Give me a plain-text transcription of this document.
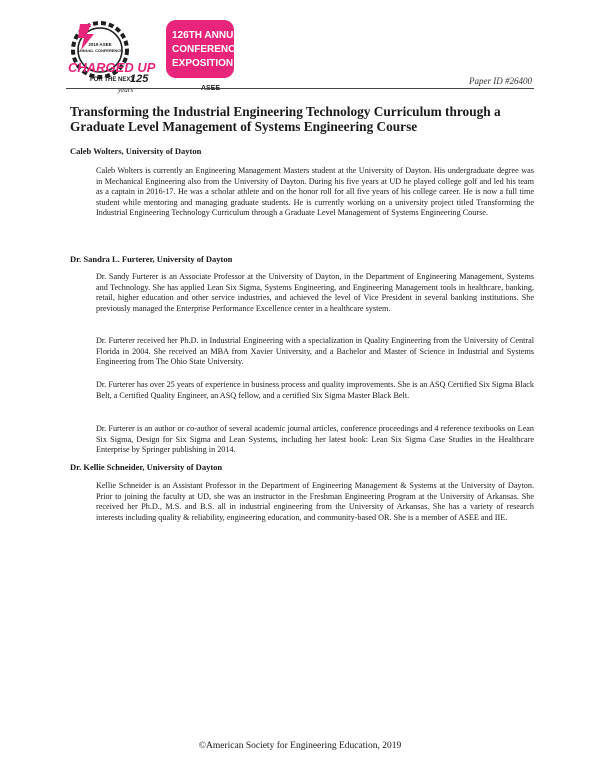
2019 ASEE
ANNUAL CONFERENCE
CHARGED UP
FOR THE NEXT
125
years
126TH ANNUAL
CONFERENCE &
EXPOSITION
ASEE
Paper ID #26400
Transforming the Industrial Engineering Technology Curriculum through a Graduate Level Management of Systems Engineering Course
Caleb Wolters, University of Dayton

Caleb Wolters is currently an Engineering Management Masters student at the University of Dayton. His undergraduate degree was in Mechanical Engineering also from the University of Dayton. During his five years at UD he played college golf and led his team as a captain in 2016-17. He was a scholar athlete and on the honor roll for all five years of his college career. He is now a full time student while mentoring and managing graduate students. He is currently working on a university project titled Transforming the Industrial Engineering Technology Curriculum through a Graduate Level Management of Systems Engineering Course.

Dr. Sandra L. Furterer, University of Dayton

Dr. Sandy Furterer is an Associate Professor at the University of Dayton, in the Department of Engineering Management, Systems and Technology. She has applied Lean Six Sigma, Systems Engineering, and Engineering Management tools in healthcare, banking, retail, higher education and other service industries, and achieved the level of Vice President in several banking institutions. She previously managed the Enterprise Performance Excellence center in a healthcare system.

Dr. Furterer received her Ph.D. in Industrial Engineering with a specialization in Quality Engineering from the University of Central Florida in 2004. She received an MBA from Xavier University, and a Bachelor and Master of Science in Industrial and Systems Engineering from The Ohio State University.

Dr. Furterer has over 25 years of experience in business process and quality improvements. She is an ASQ Certified Six Sigma Black Belt, a Certified Quality Engineer, an ASQ fellow, and a certified Six Sigma Master Black Belt.

Dr. Furterer is an author or co-author of several academic journal articles, conference proceedings and 4 reference textbooks on Lean Six Sigma, Design for Six Sigma and Lean Systems, including her latest book: Lean Six Sigma Case Studies in the Healthcare Enterprise by Springer publishing in 2014.

Dr. Kellie Schneider, University of Dayton

Kellie Schneider is an Assistant Professor in the Department of Engineering Management & Systems at the University of Dayton. Prior to joining the faculty at UD, she was an instructor in the Freshman Engineering Program at the University of Arkansas. She received her Ph.D., M.S. and B.S. all in industrial engineering from the University of Arkansas. She has a variety of research interests including quality & reliability, engineering education, and community-based OR. She is a member of ASEE and IIE.

©American Society for Engineering Education, 2019
